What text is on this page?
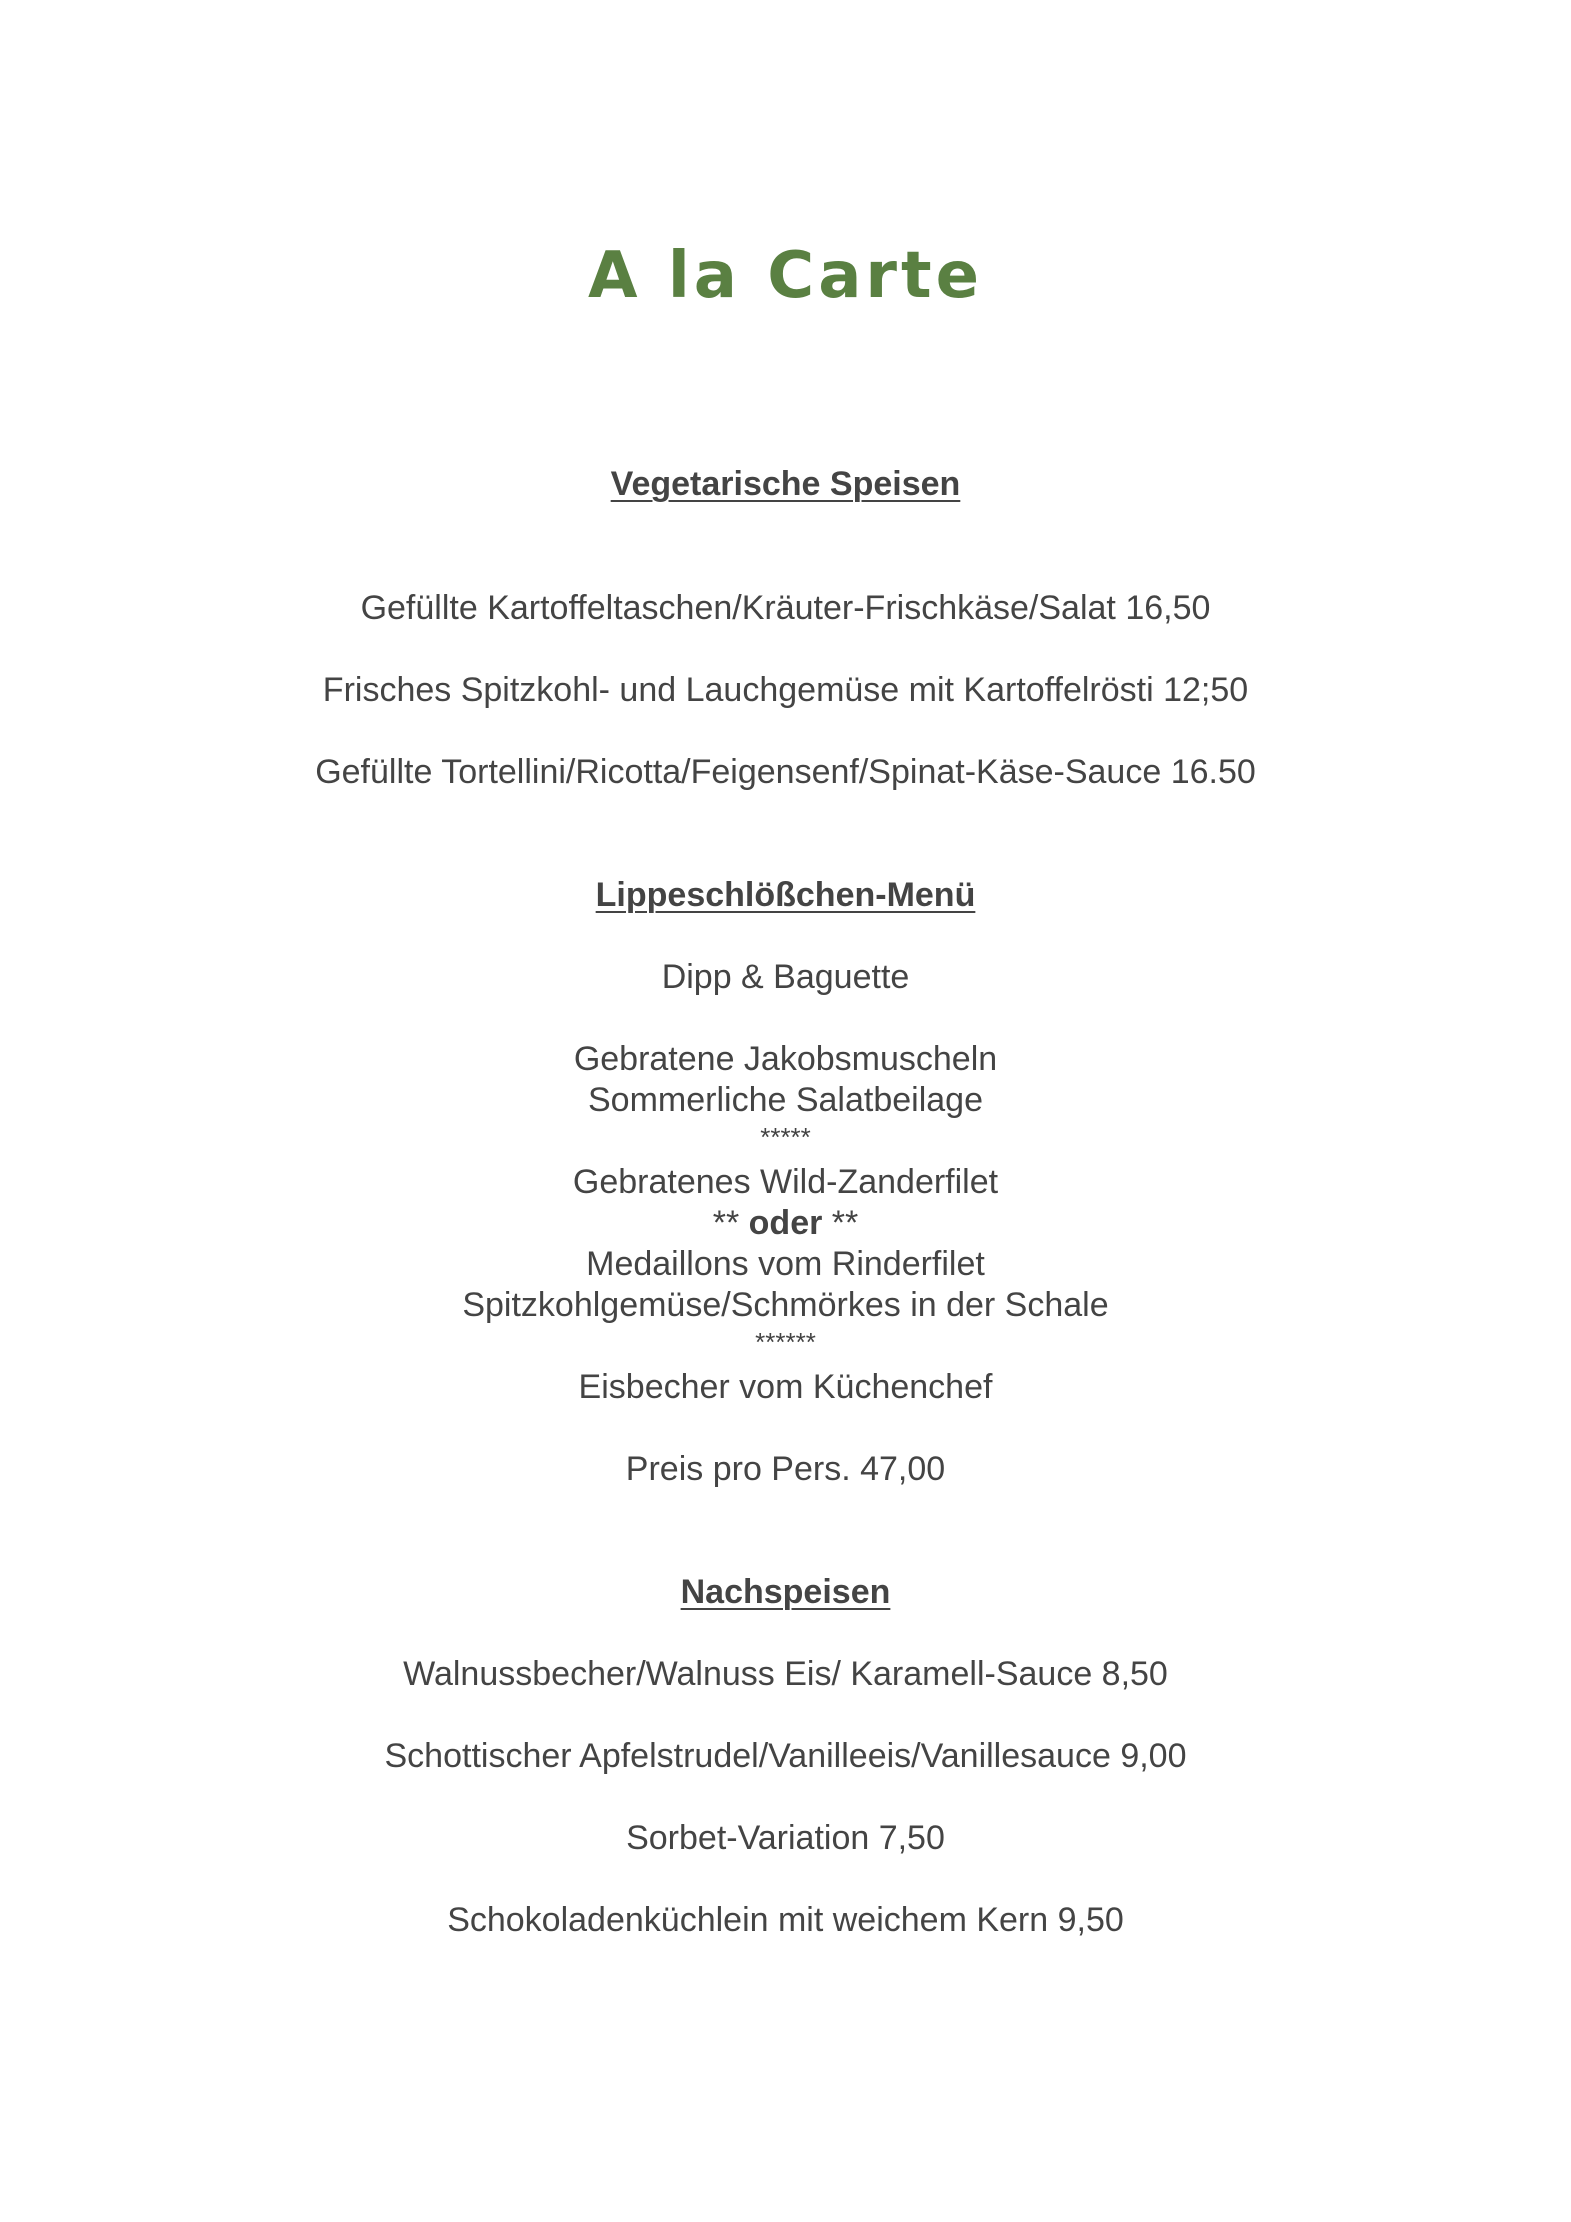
A la Carte
Vegetarische Speisen
Gefüllte Kartoffeltaschen/Kräuter-Frischkäse/Salat 16,50
Frisches Spitzkohl- und Lauchgemüse mit Kartoffelrösti 12;50
Gefüllte Tortellini/Ricotta/Feigensenf/Spinat-Käse-Sauce 16.50
Lippeschlößchen-Menü
Dipp & Baguette
Gebratene Jakobsmuscheln
Sommerliche Salatbeilage
*****
Gebratenes Wild-Zanderfilet
** oder **
Medaillons vom Rinderfilet
Spitzkohlgemüse/Schmörkes in der Schale
******
Eisbecher vom Küchenchef
Preis pro Pers. 47,00
Nachspeisen
Walnussbecher/Walnuss Eis/ Karamell-Sauce 8,50
Schottischer Apfelstrudel/Vanilleeis/Vanillesauce 9,00
Sorbet-Variation 7,50
Schokoladenküchlein mit weichem Kern 9,50
